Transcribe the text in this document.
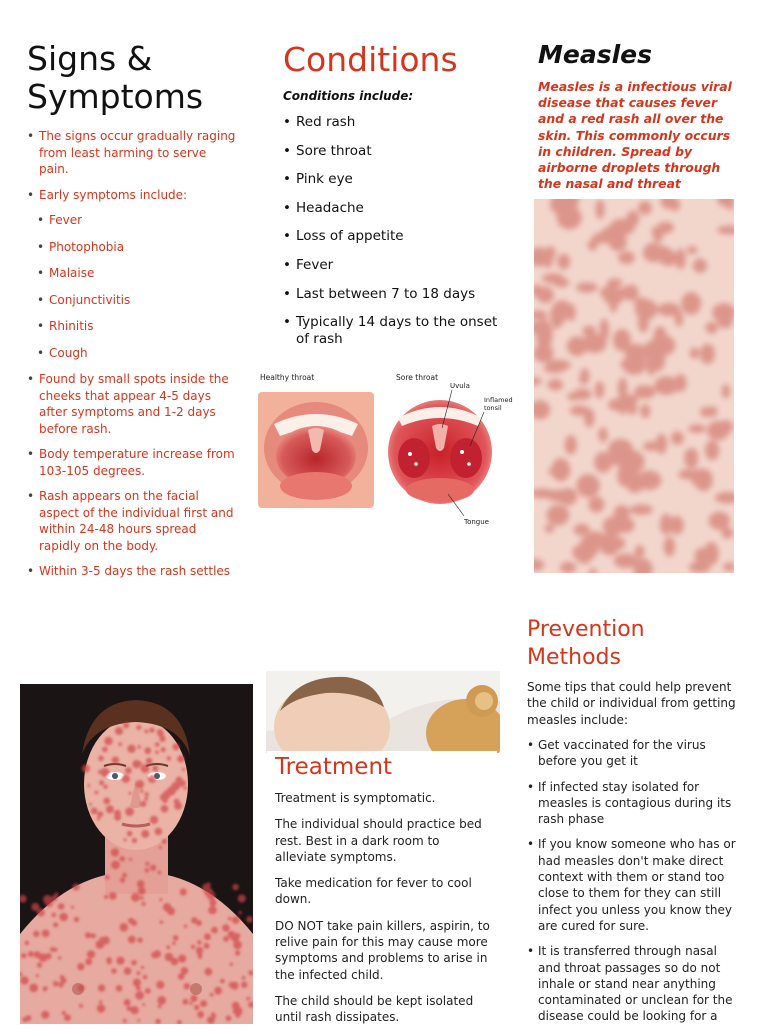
Signs &
Symptoms
• The signs occur gradually raging from least harming to serve pain.
• Early symptoms include:
• Fever
• Photophobia
• Malaise
• Conjunctivitis
• Rhinitis
• Cough
• Found by small spots inside the cheeks that appear 4-5 days after symptoms and 1-2 days before rash.
• Body temperature increase from 103-105 degrees.
• Rash appears on the facial aspect of the individual first and within 24-48 hours spread rapidly on the body.
• Within 3-5 days the rash settles
Conditions
Conditions include:
• Red rash
• Sore throat
• Pink eye
• Headache
• Loss of appetite
• Fever
• Last between 7 to 18 days
• Typically 14 days to the onset of rash
Healthy throat	Sore throat
Uvula
Inflamed
tonsil
Tongue
Measles
Measles is a infectious viral disease that causes fever and a red rash all over the skin. This commonly occurs in children. Spread by airborne droplets through the nasal and threat
Treatment

Treatment is symptomatic.

The individual should practice bed rest. Best in a dark room to alleviate symptoms.

Take medication for fever to cool down.

DO NOT take pain killers, aspirin, to relive pain for this may cause more symptoms and problems to arise in the infected child.

The child should be kept isolated until rash dissipates.

Prevention
Methods
Some tips that could help prevent the child or individual from getting measles include:
• Get vaccinated for the virus before you get it
• If infected stay isolated for measles is contagious during its rash phase
• If you know someone who has or had measles don't make direct context with them or stand too close to them for they can still infect you unless you know they are cured for sure.
• It is transferred through nasal and throat passages so do not inhale or stand near anything contaminated or unclean for the disease could be looking for a
